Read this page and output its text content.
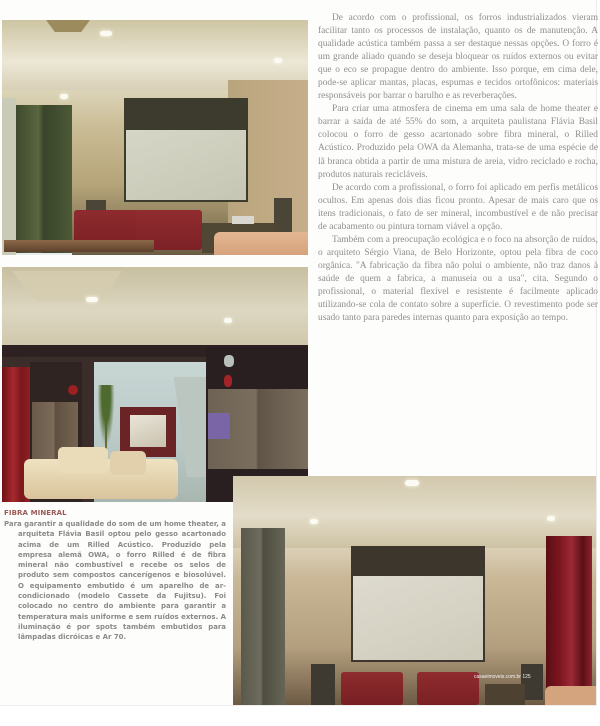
De acordo com o profissional, os forros industrializados vieram facilitar tanto os processos de instalação, quanto os de manutenção. A qualidade acústica também passa a ser destaque nessas opções. O forro é um grande aliado quando se deseja bloquear os ruídos externos ou evitar que o eco se propague dentro do ambiente. Isso porque, em cima dele, pode-se aplicar mantas, placas, espumas e tecidos ortofônicos: materiais responsáveis por barrar o barulho e as reverberações.

Para criar uma atmosfera de cinema em uma sala de home theater e barrar a saída de até 55% do som, a arquiteta paulistana Flávia Basil colocou o forro de gesso acartonado sobre fibra mineral, o Rilled Acústico. Produzido pela OWA da Alemanha, trata-se de uma espécie de lã branca obtida a partir de uma mistura de areia, vidro reciclado e rocha, produtos naturais recicláveis.

De acordo com a profissional, o forro foi aplicado em perfis metálicos ocultos. Em apenas dois dias ficou pronto. Apesar de mais caro que os itens tradicionais, o fato de ser mineral, incombustível e de não precisar de acabamento ou pintura tornam viável a opção.

Também com a preocupação ecológica e o foco na absorção de ruídos, o arquiteto Sérgio Viana, de Belo Horizonte, optou pela fibra de coco orgânica. "A fabricação da fibra não polui o ambiente, não traz danos à saúde de quem a fabrica, a manuseia ou a usa", cita. Segundo o profissional, o material flexível e resistente é facilmente aplicado utilizando-se cola de contato sobre a superfície. O revestimento pode ser usado tanto para paredes internas quanto para exposição ao tempo.

FIBRA MINERAL
Para garantir a qualidade do som de um home theater, a arquiteta Flávia Basil optou pelo gesso acartonado acima de um Rilled Acústico. Produzido pela empresa alemã OWA, o forro Rilled é de fibra mineral não combustível e recebe os selos de produto sem compostos cancerígenos e biosolúvel. O equipamento embutido é um aparelho de ar-condicionado (modelo Cassete da Fujitsu). Foi colocado no centro do ambiente para garantir a temperatura mais uniforme e sem ruídos externos. A iluminação é por spots também embutidos para lâmpadas dicróicas e Ar 70.
casaeimoveis.com.br 125
